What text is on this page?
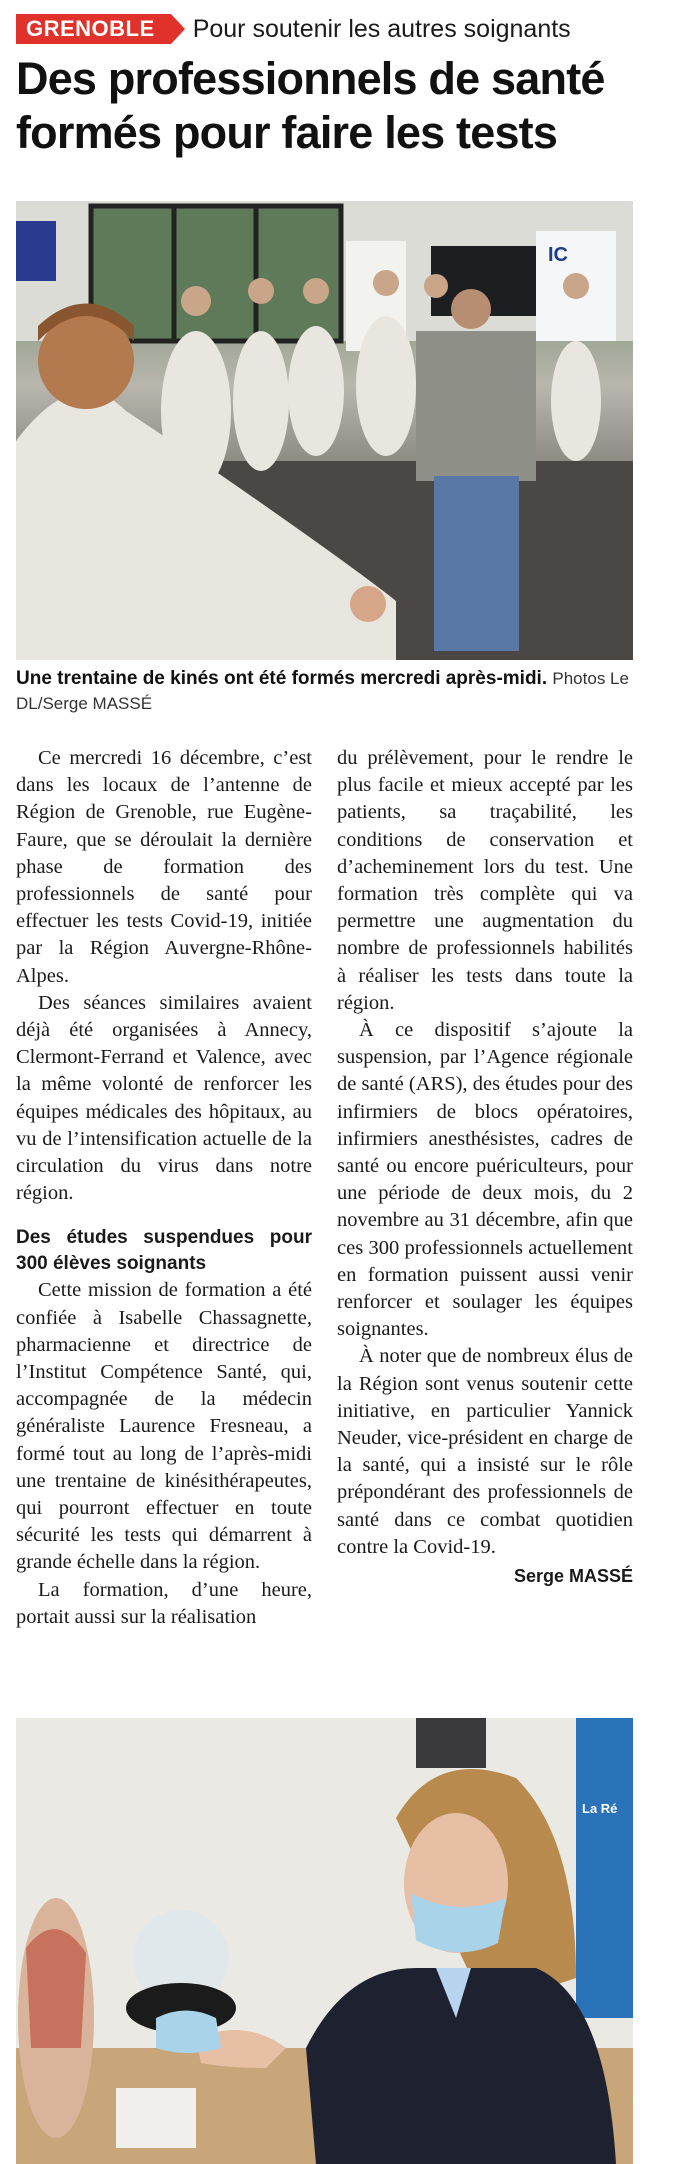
GRENOBLE	Pour soutenir les autres soignants
Des professionnels de santé formés pour faire les tests
IC
Une trentaine de kinés ont été formés mercredi après-midi. Photos Le DL/Serge MASSÉ

Ce mercredi 16 décembre, c’est dans les locaux de l’antenne de Région de Grenoble, rue Eugène-Faure, que se déroulait la dernière phase de formation des professionnels de santé pour effectuer les tests Covid-19, initiée par la Région Auvergne-Rhône-Alpes.

Des séances similaires avaient déjà été organisées à Annecy, Clermont-Ferrand et Valence, avec la même volonté de renforcer les équipes médicales des hôpitaux, au vu de l’intensification actuelle de la circulation du virus dans notre région.

Des études suspendues pour 300 élèves soignants

Cette mission de formation a été confiée à Isabelle Chassagnette, pharmacienne et directrice de l’Institut Compétence Santé, qui, accompagnée de la médecin généraliste Laurence Fresneau, a formé tout au long de l’après-midi une trentaine de kinésithérapeutes, qui pourront effectuer en toute sécurité les tests qui démarrent à grande échelle dans la région.

La formation, d’une heure, portait aussi sur la réalisation

du prélèvement, pour le rendre le plus facile et mieux accepté par les patients, sa traçabilité, les conditions de conservation et d’acheminement lors du test. Une formation très complète qui va permettre une augmentation du nombre de professionnels habilités à réaliser les tests dans toute la région.

À ce dispositif s’ajoute la suspension, par l’Agence régionale de santé (ARS), des études pour des infirmiers de blocs opératoires, infirmiers anesthésistes, cadres de santé ou encore puériculteurs, pour une période de deux mois, du 2 novembre au 31 décembre, afin que ces 300 professionnels actuellement en formation puissent aussi venir renforcer et soulager les équipes soignantes.

À noter que de nombreux élus de la Région sont venus soutenir cette initiative, en particulier Yannick Neuder, vice-président en charge de la santé, qui a insisté sur le rôle prépondérant des professionnels de santé dans ce combat quotidien contre la Covid-19.

Serge MASSÉ

La Ré
